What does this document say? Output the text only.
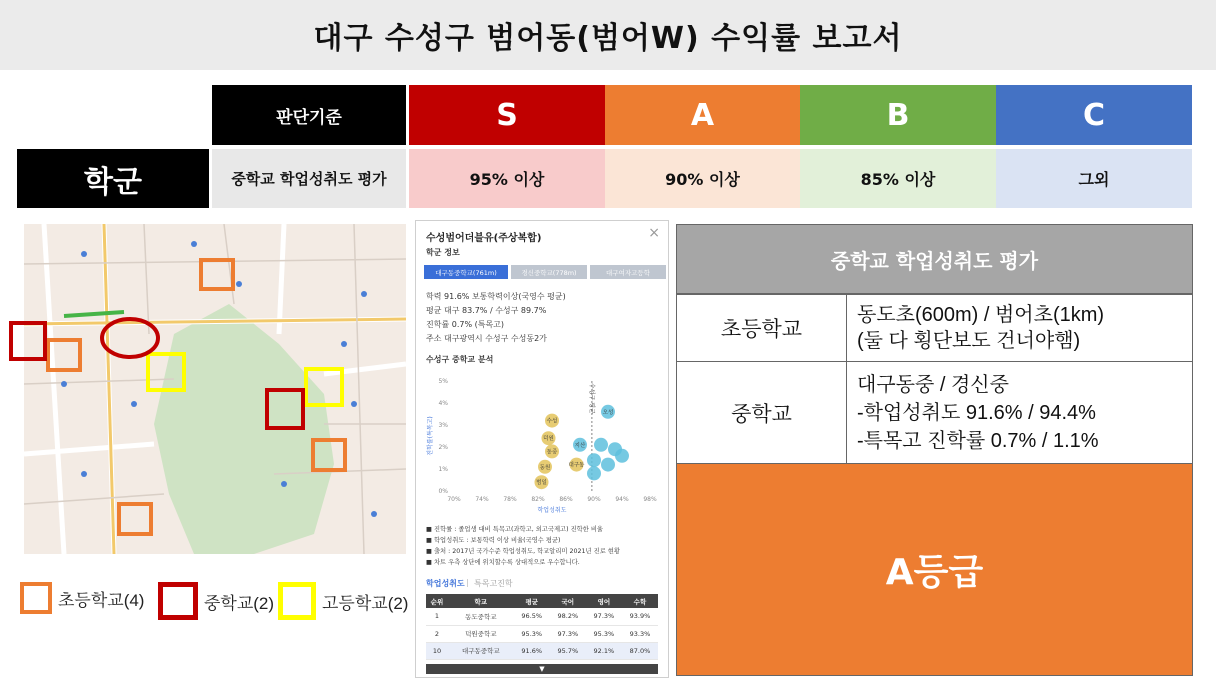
대구 수성구 범어동(범어W) 수익률 보고서
판단기준	S	A	B	C
학군	중학교 학업성취도 평가	95% 이상	90% 이상	85% 이상	그외
초등학교(4)	중학교(2)	고등학교(2)
수성범어더블유(주상복합)	×
학군 정보
대구동중학교(761m)	경신중학교(778m)	대구여자고등학
학력 91.6% 보통학력이상(국영수 평균)
평균 대구 83.7% / 수성구 89.7%
진학률 0.7% (특목고)
주소 대구광역시 수성구 수성동2가
수성구 중학교 분석
0%
1%
2%
3%
4%
5%
70% 74% 78% 82% 86% 90% 94% 98%
학업성취도
진학률(특목고)
수성구 평균
수성
덕원
동중
동원
범일
대구동
지산
오성
■ 진학률 : 졸업생 대비 특목고(과학고, 외고국제고) 진학한 비율
■ 학업성취도 : 보통학력 이상 비율(국영수 평균)
■ 출처 : 2017년 국가수준 학업성취도, 학교알리미 2021년 진로 현황
■ 차트 우측 상단에 위치할수록 상대적으로 우수합니다.
학업성취도 | 특목고진학
순위	학교	평균	국어	영어	수학
1	동도중학교	96.5%	98.2%	97.3%	93.9%
2	덕원중학교	95.3%	97.3%	95.3%	93.3%
10	대구동중학교	91.6%	95.7%	92.1%	87.0%
▼
중학교 학업성취도 평가
초등학교
동도초(600m) / 범어초(1km)
(둘 다 횡단보도 건너야햄)
중학교
대구동중 / 경신중
-학업성취도 91.6% / 94.4%
-특목고 진학률 0.7% / 1.1%
A등급
